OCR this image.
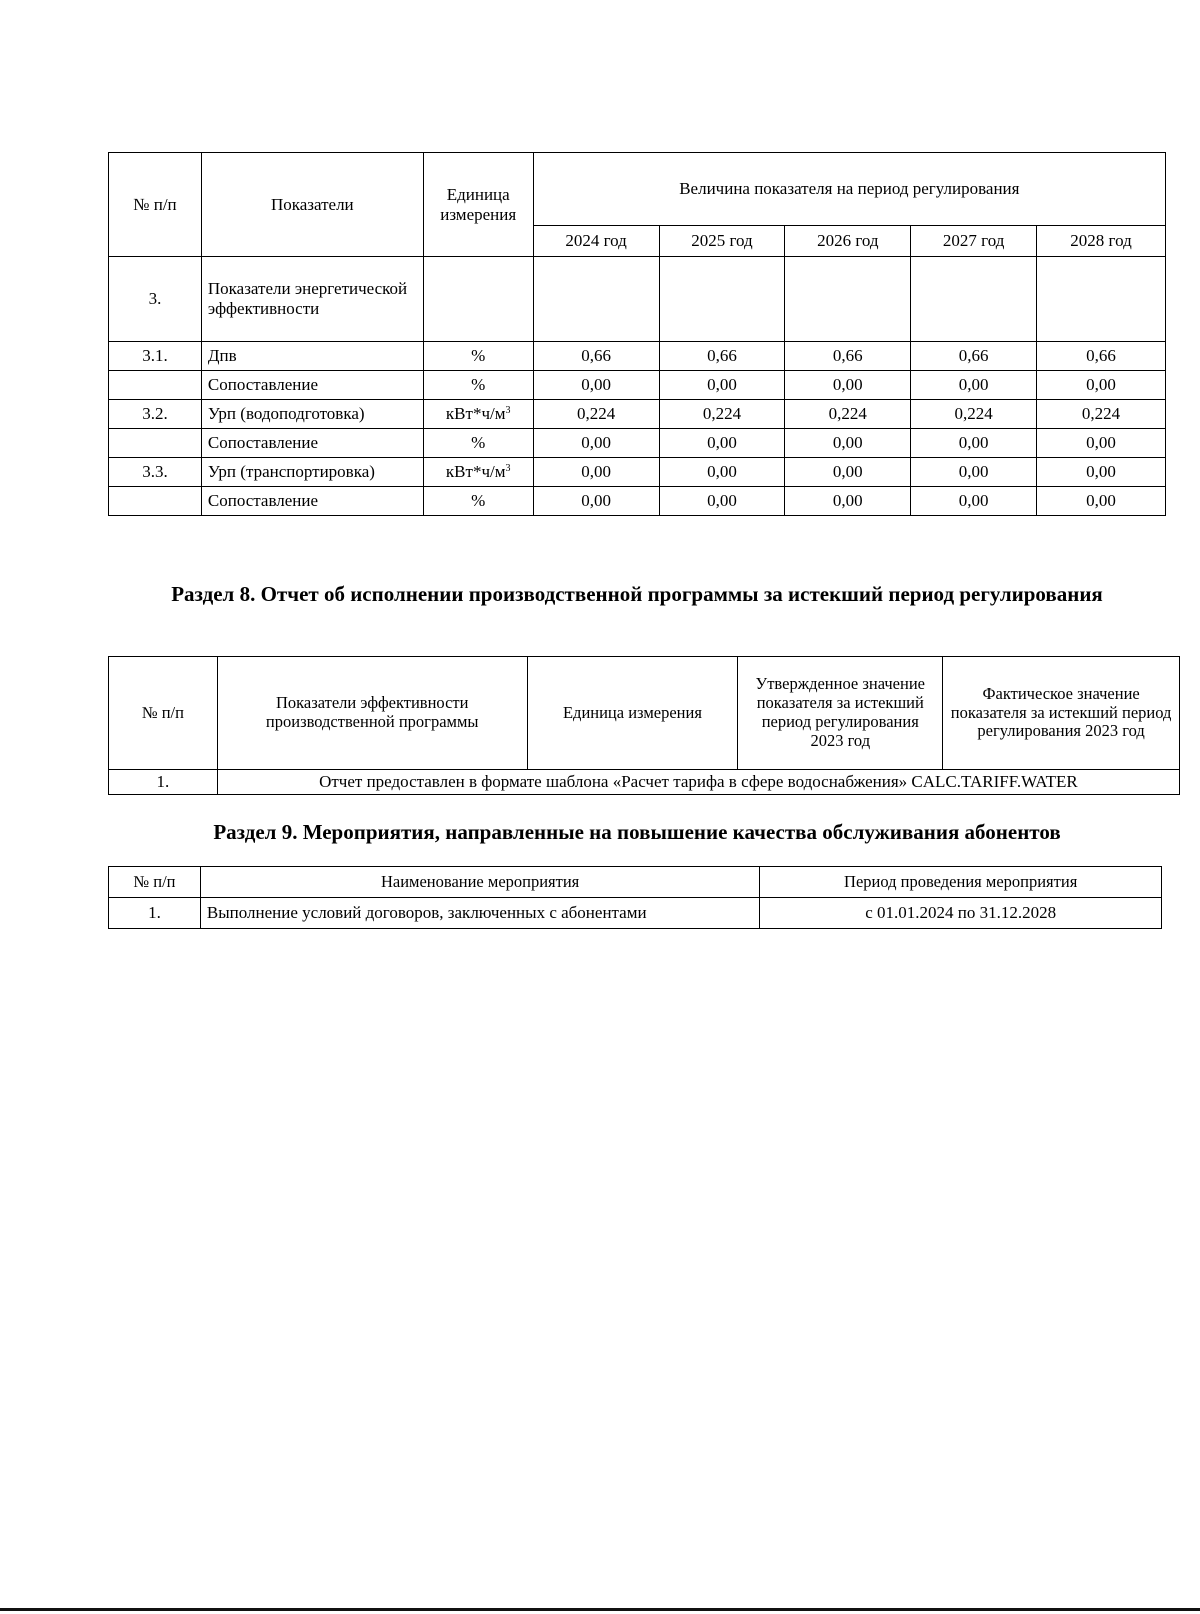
№ п/п	Показатели	Единица измерения	Величина показателя на период регулирования				
			2024 год	2025 год	2026 год	2027 год	2028 год
3.	Показатели энергетической эффективности						
3.1.	Дпв	%	0,66	0,66	0,66	0,66	0,66
	Сопоставление	%	0,00	0,00	0,00	0,00	0,00
3.2.	Урп (водоподготовка)	$кВт*ч/м^3$	0,224	0,224	0,224	0,224	0,224
	Сопоставление	%	0,00	0,00	0,00	0,00	0,00
3.3.	Урп (транспортировка)	$кВт*ч/м^3$	0,00	0,00	0,00	0,00	0,00
	Сопоставление	%	0,00	0,00	0,00	0,00	0,00
Раздел 8. Отчет об исполнении производственной программы за истекший период регулирования
№ п/п	Показатели эффективности производственной программы	Единица измерения	Утвержденное значение показателя за истекший период регулирования 2023 год	Фактическое значение показателя за истекший период регулирования 2023 год
1.	Отчет предоставлен в формате шаблона «Расчет тарифа в сфере водоснабжения» CALC.TARIFF.WATER			
Раздел 9. Мероприятия, направленные на повышение качества обслуживания абонентов
№ п/п	Наименование мероприятия	Период проведения мероприятия
1.	Выполнение условий договоров, заключенных с абонентами	с 01.01.2024 по 31.12.2028
